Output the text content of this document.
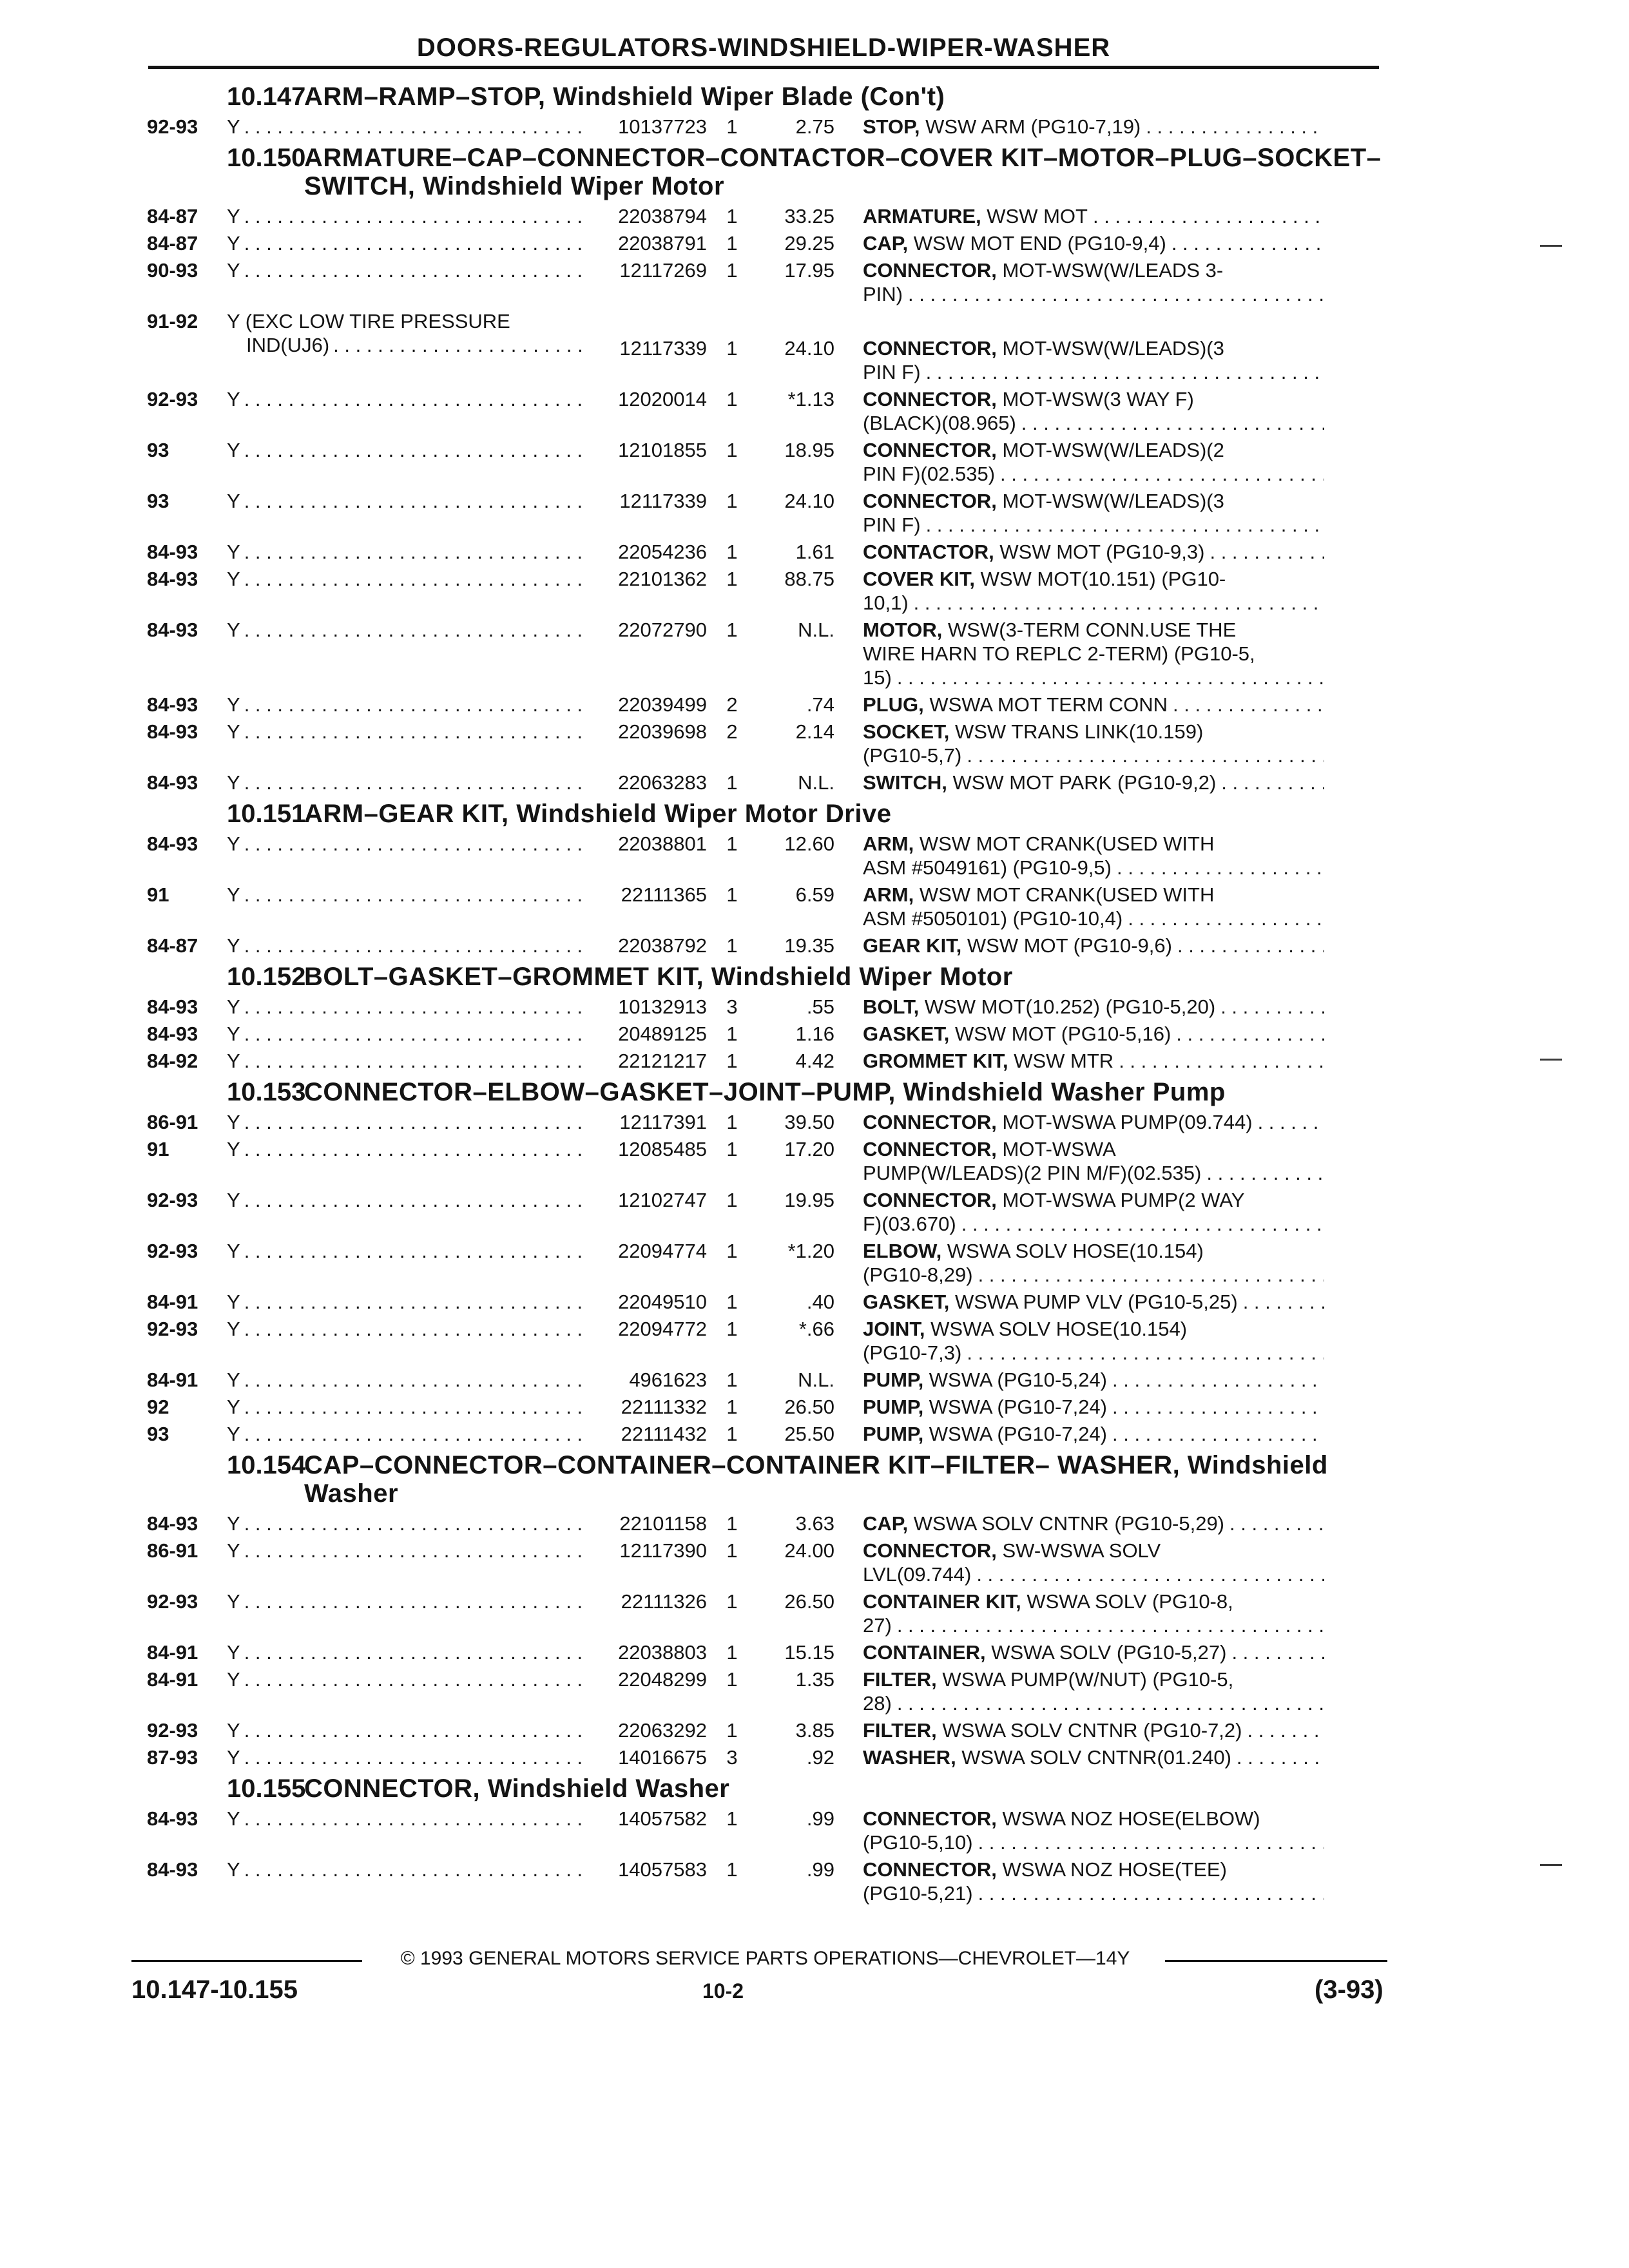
DOORS-REGULATORS-WINDSHIELD-WIPER-WASHER
10.147
ARM–RAMP–STOP, Windshield Wiper Blade (Con't)
92-93	Y . . .	10137723 1	2.75 STOP, WSW ARM (PG10-7,19)
. . .
10.150
ARMATURE–CAP–CONNECTOR–CONTACTOR–COVER KIT–MOTOR–PLUG–SOCKET–SWITCH, Windshield Wiper Motor
84-87	Y . . .	22038794 1	33.25 ARMATURE, WSW MOT
. . .
84-87	Y . . .	22038791 1	29.25 CAP, WSW MOT END (PG10-9,4)
. . .
90-93	Y . . .	12117269 1	17.95 CONNECTOR, MOT-WSW(W/LEADS 3-
PIN)
. . .
91-92	Y (EXC LOW TIRE PRESSURE
IND(UJ6) . . .	12117339 1	24.10 CONNECTOR, MOT-WSW(W/LEADS)(3
PIN F)
. . .
92-93	Y . . .	12020014 1	*1.13 CONNECTOR, MOT-WSW(3 WAY F)
(BLACK)(08.965)
. . .
93	Y . . .	12101855 1	18.95 CONNECTOR, MOT-WSW(W/LEADS)(2
PIN F)(02.535)
. . .
93	Y . . .	12117339 1	24.10 CONNECTOR, MOT-WSW(W/LEADS)(3
PIN F)
. . .
84-93	Y . . .	22054236 1	1.61 CONTACTOR, WSW MOT (PG10-9,3)
. . .
84-93	Y . . .	22101362 1	88.75 COVER KIT, WSW MOT(10.151) (PG10-
10,1)
. . .
84-93	Y . . .	22072790 1	N.L. MOTOR, WSW(3-TERM CONN.USE THE
WIRE HARN TO REPLC 2-TERM) (PG10-5,
15)
. . .
84-93	Y . . .	22039499 2	.74 PLUG, WSWA MOT TERM CONN
. . .
84-93	Y . . .	22039698 2	2.14 SOCKET, WSW TRANS LINK(10.159)
(PG10-5,7)
. . .
84-93	Y . . .	22063283 1	N.L. SWITCH, WSW MOT PARK (PG10-9,2)
. . .
10.151
ARM–GEAR KIT, Windshield Wiper Motor Drive
84-93	Y . . .	22038801 1	12.60 ARM, WSW MOT CRANK(USED WITH
ASM #5049161) (PG10-9,5)
. . .
91	Y . . .	22111365 1	6.59 ARM, WSW MOT CRANK(USED WITH
ASM #5050101) (PG10-10,4)
. . .
84-87	Y . . .	22038792 1	19.35 GEAR KIT, WSW MOT (PG10-9,6)
. . .
10.152
BOLT–GASKET–GROMMET KIT, Windshield Wiper Motor
84-93	Y . . .	10132913 3	.55 BOLT, WSW MOT(10.252) (PG10-5,20)
. . .
84-93	Y . . .	20489125 1	1.16 GASKET, WSW MOT (PG10-5,16)
. . .
84-92	Y . . .	22121217 1	4.42 GROMMET KIT, WSW MTR
. . .
10.153
CONNECTOR–ELBOW–GASKET–JOINT–PUMP, Windshield Washer Pump
86-91	Y . . .	12117391 1	39.50 CONNECTOR, MOT-WSWA PUMP(09.744)
. . .
91	Y . . .	12085485 1	17.20 CONNECTOR, MOT-WSWA
PUMP(W/LEADS)(2 PIN M/F)(02.535)
. . .
92-93	Y . . .	12102747 1	19.95 CONNECTOR, MOT-WSWA PUMP(2 WAY
F)(03.670)
. . .
92-93	Y . . .	22094774 1	*1.20 ELBOW, WSWA SOLV HOSE(10.154)
(PG10-8,29)
. . .
84-91	Y . . .	22049510 1	.40 GASKET, WSWA PUMP VLV (PG10-5,25)
. . .
92-93	Y . . .	22094772 1	*.66 JOINT, WSWA SOLV HOSE(10.154)
(PG10-7,3)
. . .
84-91	Y . . .	4961623 1	N.L. PUMP, WSWA (PG10-5,24)
. . .
92	Y . . .	22111332 1	26.50 PUMP, WSWA (PG10-7,24)
. . .
93	Y . . .	22111432 1	25.50 PUMP, WSWA (PG10-7,24)
. . .
10.154
CAP–CONNECTOR–CONTAINER–CONTAINER KIT–FILTER– WASHER, Windshield Washer
84-93	Y . . .	22101158 1	3.63 CAP, WSWA SOLV CNTNR (PG10-5,29)
. . .
86-91	Y . . .	12117390 1	24.00 CONNECTOR, SW-WSWA SOLV
LVL(09.744)
. . .
92-93	Y . . .	22111326 1	26.50 CONTAINER KIT, WSWA SOLV (PG10-8,
27)
. . .
84-91	Y . . .	22038803 1	15.15 CONTAINER, WSWA SOLV (PG10-5,27)
. . .
84-91	Y . . .	22048299 1	1.35 FILTER, WSWA PUMP(W/NUT) (PG10-5,
28)
. . .
92-93	Y . . .	22063292 1	3.85 FILTER, WSWA SOLV CNTNR (PG10-7,2)
. . .
87-93	Y . . .	14016675 3	.92 WASHER, WSWA SOLV CNTNR(01.240)
. . .
10.155
CONNECTOR, Windshield Washer
84-93	Y . . .	14057582 1	.99 CONNECTOR, WSWA NOZ HOSE(ELBOW)
(PG10-5,10)
. . .
84-93	Y . . .	14057583 1	.99 CONNECTOR, WSWA NOZ HOSE(TEE)
(PG10-5,21)
. . .
© 1993 GENERAL MOTORS SERVICE PARTS OPERATIONS—CHEVROLET—14Y
10.147-10.155	10-2	(3-93)
